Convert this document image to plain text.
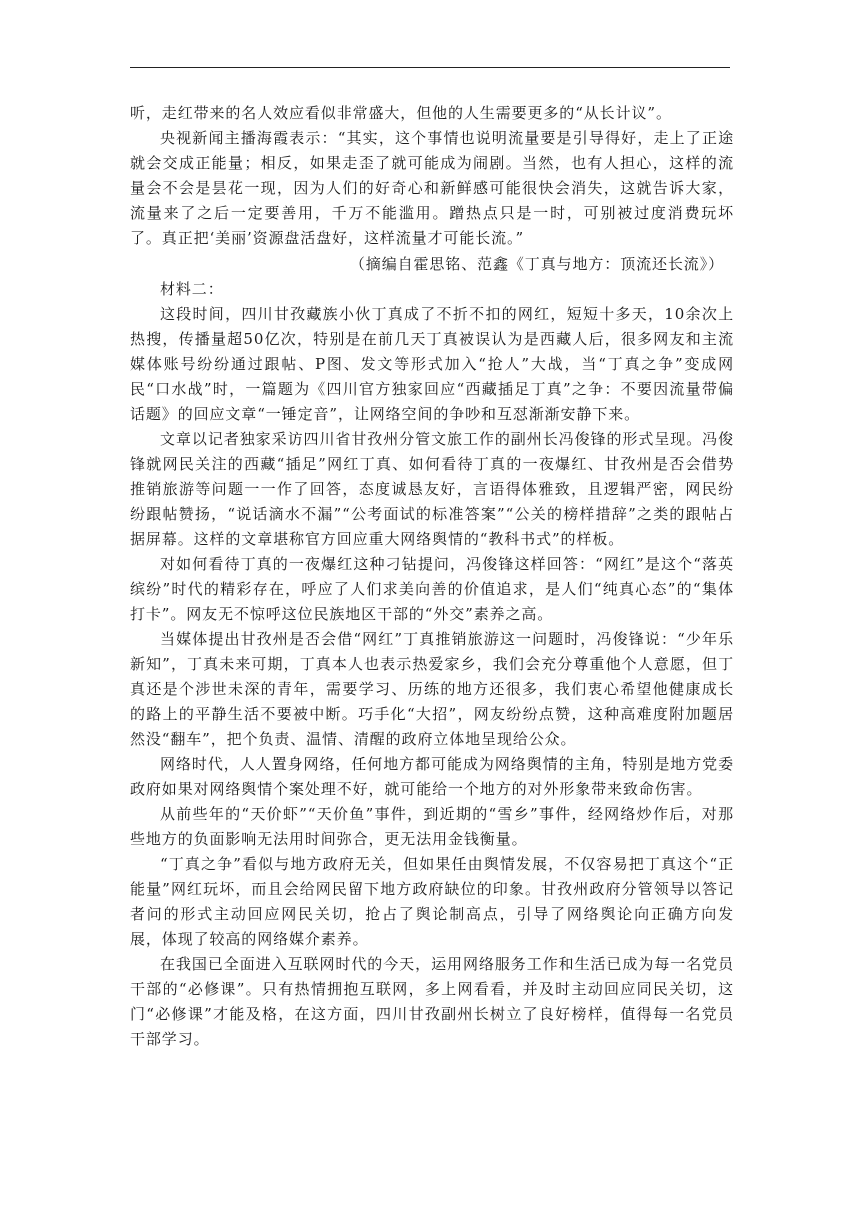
听，走红带来的名人效应看似非常盛大，但他的人生需要更多的“从长计议”。

央视新闻主播海霞表示：“其实，这个事情也说明流量要是引导得好，走上了正途就会交成正能量；相反，如果走歪了就可能成为闹剧。当然，也有人担心，这样的流量会不会是昙花一现，因为人们的好奇心和新鲜感可能很快会消失，这就告诉大家，流量来了之后一定要善用，千万不能滥用。蹭热点只是一时，可别被过度消费玩坏了。真正把‘美丽’资源盘活盘好，这样流量才可能长流。”

（摘编自霍思铭、范鑫《丁真与地方：顶流还长流》）

材料二：

这段时间，四川甘孜藏族小伙丁真成了不折不扣的网红，短短十多天，10余次上热搜，传播量超50亿次，特别是在前几天丁真被误认为是西藏人后，很多网友和主流媒体账号纷纷通过跟帖、P图、发文等形式加入“抢人”大战，当“丁真之争”变成网民“口水战”时，一篇题为《四川官方独家回应“西藏插足丁真”之争：不要因流量带偏话题》的回应文章“一锤定音”，让网络空间的争吵和互怼渐渐安静下来。

文章以记者独家采访四川省甘孜州分管文旅工作的副州长冯俊锋的形式呈现。冯俊锋就网民关注的西藏“插足”网红丁真、如何看待丁真的一夜爆红、甘孜州是否会借势推销旅游等问题一一作了回答，态度诚恳友好，言语得体雅致，且逻辑严密，网民纷纷跟帖赞扬，“说话滴水不漏”“公考面试的标准答案”“公关的榜样措辞”之类的跟帖占据屏幕。这样的文章堪称官方回应重大网络舆情的“教科书式”的样板。

对如何看待丁真的一夜爆红这种刁钻提问，冯俊锋这样回答：“网红”是这个“落英缤纷”时代的精彩存在，呼应了人们求美向善的价值追求，是人们“纯真心态”的“集体打卡”。网友无不惊呼这位民族地区干部的“外交”素养之高。

当媒体提出甘孜州是否会借“网红”丁真推销旅游这一问题时，冯俊锋说：“少年乐新知”，丁真未来可期，丁真本人也表示热爱家乡，我们会充分尊重他个人意愿，但丁真还是个涉世未深的青年，需要学习、历练的地方还很多，我们衷心希望他健康成长的路上的平静生活不要被中断。巧手化“大招”，网友纷纷点赞，这种高难度附加题居然没“翻车”，把个负责、温情、清醒的政府立体地呈现给公众。

网络时代，人人置身网络，任何地方都可能成为网络舆情的主角，特别是地方党委政府如果对网络舆情个案处理不好，就可能给一个地方的对外形象带来致命伤害。

从前些年的“天价虾”“天价鱼”事件，到近期的“雪乡”事件，经网络炒作后，对那些地方的负面影响无法用时间弥合，更无法用金钱衡量。

“丁真之争”看似与地方政府无关，但如果任由舆情发展，不仅容易把丁真这个“正能量”网红玩坏，而且会给网民留下地方政府缺位的印象。甘孜州政府分管领导以答记者问的形式主动回应网民关切，抢占了舆论制高点，引导了网络舆论向正确方向发展，体现了较高的网络媒介素养。

在我国已全面进入互联网时代的今天，运用网络服务工作和生活已成为每一名党员干部的“必修课”。只有热情拥抱互联网，多上网看看，并及时主动回应同民关切，这门“必修课”才能及格，在这方面，四川甘孜副州长树立了良好榜样，值得每一名党员干部学习。
